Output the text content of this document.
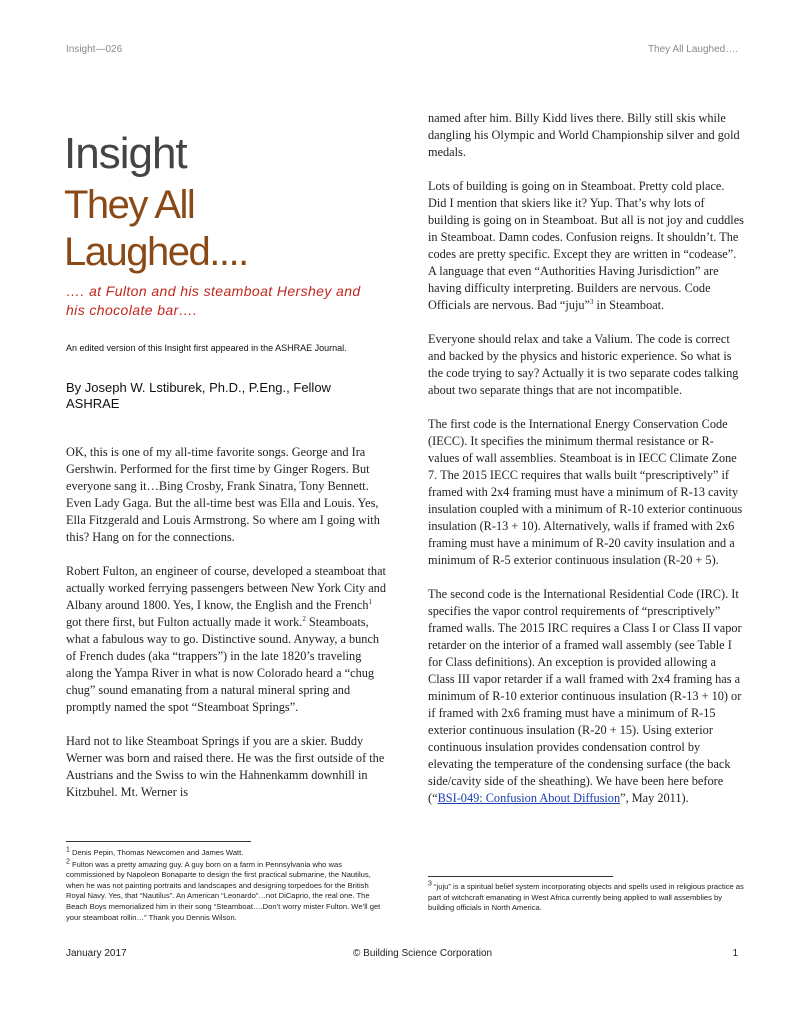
Insight—026	They All Laughed….
Insight
They All Laughed....
…. at Fulton and his steamboat Hershey and his chocolate bar….
An edited version of this Insight first appeared in the ASHRAE Journal.
By Joseph W. Lstiburek, Ph.D., P.Eng., Fellow ASHRAE

OK, this is one of my all-time favorite songs. George and Ira Gershwin. Performed for the first time by Ginger Rogers. But everyone sang it…Bing Crosby, Frank Sinatra, Tony Bennett. Even Lady Gaga. But the all-time best was Ella and Louis. Yes, Ella Fitzgerald and Louis Armstrong. So where am I going with this? Hang on for the connections.

Robert Fulton, an engineer of course, developed a steamboat that actually worked ferrying passengers between New York City and Albany around 1800. Yes, I know, the English and the French$^1$ got there first, but Fulton actually made it work.$^2$ Steamboats, what a fabulous way to go. Distinctive sound. Anyway, a bunch of French dudes (aka “trappers”) in the late 1820’s traveling along the Yampa River in what is now Colorado heard a “chug chug” sound emanating from a natural mineral spring and promptly named the spot “Steamboat Springs”.

Hard not to like Steamboat Springs if you are a skier. Buddy Werner was born and raised there. He was the first outside of the Austrians and the Swiss to win the Hahnenkamm downhill in Kitzbuhel. Mt. Werner is

named after him. Billy Kidd lives there. Billy still skis while dangling his Olympic and World Championship silver and gold medals.

Lots of building is going on in Steamboat. Pretty cold place. Did I mention that skiers like it? Yup. That’s why lots of building is going on in Steamboat. But all is not joy and cuddles in Steamboat. Damn codes. Confusion reigns. It shouldn’t. The codes are pretty specific. Except they are written in “codease”. A language that even “Authorities Having Jurisdiction” are having difficulty interpreting. Builders are nervous. Code Officials are nervous. Bad “juju”$^3$ in Steamboat.

Everyone should relax and take a Valium. The code is correct and backed by the physics and historic experience. So what is the code trying to say? Actually it is two separate codes talking about two separate things that are not incompatible.

The first code is the International Energy Conservation Code (IECC). It specifies the minimum thermal resistance or R-values of wall assemblies. Steamboat is in IECC Climate Zone 7. The 2015 IECC requires that walls built “prescriptively” if framed with 2x4 framing must have a minimum of R-13 cavity insulation coupled with a minimum of R-10 exterior continuous insulation (R-13 + 10). Alternatively, walls if framed with 2x6 framing must have a minimum of R-20 cavity insulation and a minimum of R-5 exterior continuous insulation (R-20 + 5).

The second code is the International Residential Code (IRC). It specifies the vapor control requirements of “prescriptively” framed walls. The 2015 IRC requires a Class I or Class II vapor retarder on the interior of a framed wall assembly (see Table I for Class definitions). An exception is provided allowing a Class III vapor retarder if a wall framed with 2x4 framing has a minimum of R-10 exterior continuous insulation (R-13 + 10) or if framed with 2x6 framing must have a minimum of R-15 exterior continuous insulation (R-20 + 15). Using exterior continuous insulation provides condensation control by elevating the temperature of the condensing surface (the back side/cavity side of the sheathing). We have been here before (“BSI-049: Confusion About Diffusion”, May 2011).

$^1$ Denis Pepin, Thomas Newcomen and James Watt.

$^2$ Fulton was a pretty amazing guy. A guy born on a farm in Pennsylvania who was commissioned by Napoleon Bonaparte to design the first practical submarine, the Nautilus, when he was not painting portraits and landscapes and designing torpedoes for the British Royal Navy. Yes, that “Nautilus”. An American “Leonardo”…not DiCaprio, the real one. The Beach Boys memorialized him in their song “Steamboat….Don’t worry mister Fulton. We’ll get your steamboat rollin…” Thank you Dennis Wilson.

$^3$ “juju” is a spiritual belief system incorporating objects and spells used in religious practice as part of witchcraft emanating in West Africa currently being applied to wall assemblies by building officials in North America.

January 2017	© Building Science Corporation	1
